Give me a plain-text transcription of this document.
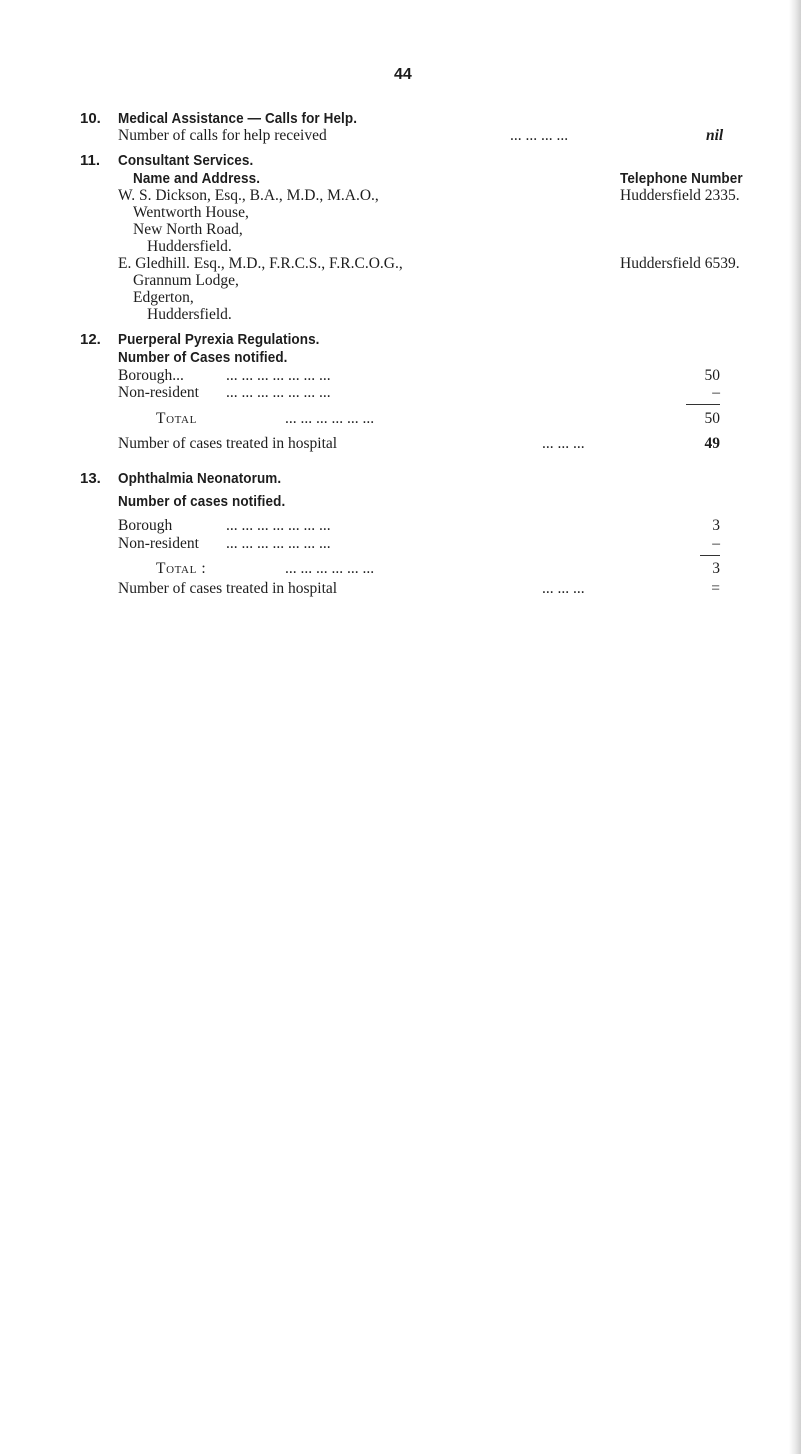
44
10. Medical Assistance — Calls for Help.
Number of calls for help received	... ... ... ...	nil
11. Consultant Services.
Name and Address.	Telephone Number
W. S. Dickson, Esq., B.A., M.D., M.A.O.,	Huddersfield 2335.
Wentworth House,
New North Road,
Huddersfield.
E. Gledhill. Esq., M.D., F.R.C.S., F.R.C.O.G.,	Huddersfield 6539.
Grannum Lodge,
Edgerton,
Huddersfield.
12. Puerperal Pyrexia Regulations.
Number of Cases notified.
Borough...	... ... ... ... ... ... ...	50
Non-resident ... ... ... ... ... ... ...	–
Total	... ... ... ... ... ...	50
Number of cases treated in hospital	... ... ...	49
13. Ophthalmia Neonatorum.
Number of cases notified.
Borough	... ... ... ... ... ... ...	3
Non-resident ... ... ... ... ... ... ...	–
Total :	... ... ... ... ... ...	3
Number of cases treated in hospital	... ... ...	=
